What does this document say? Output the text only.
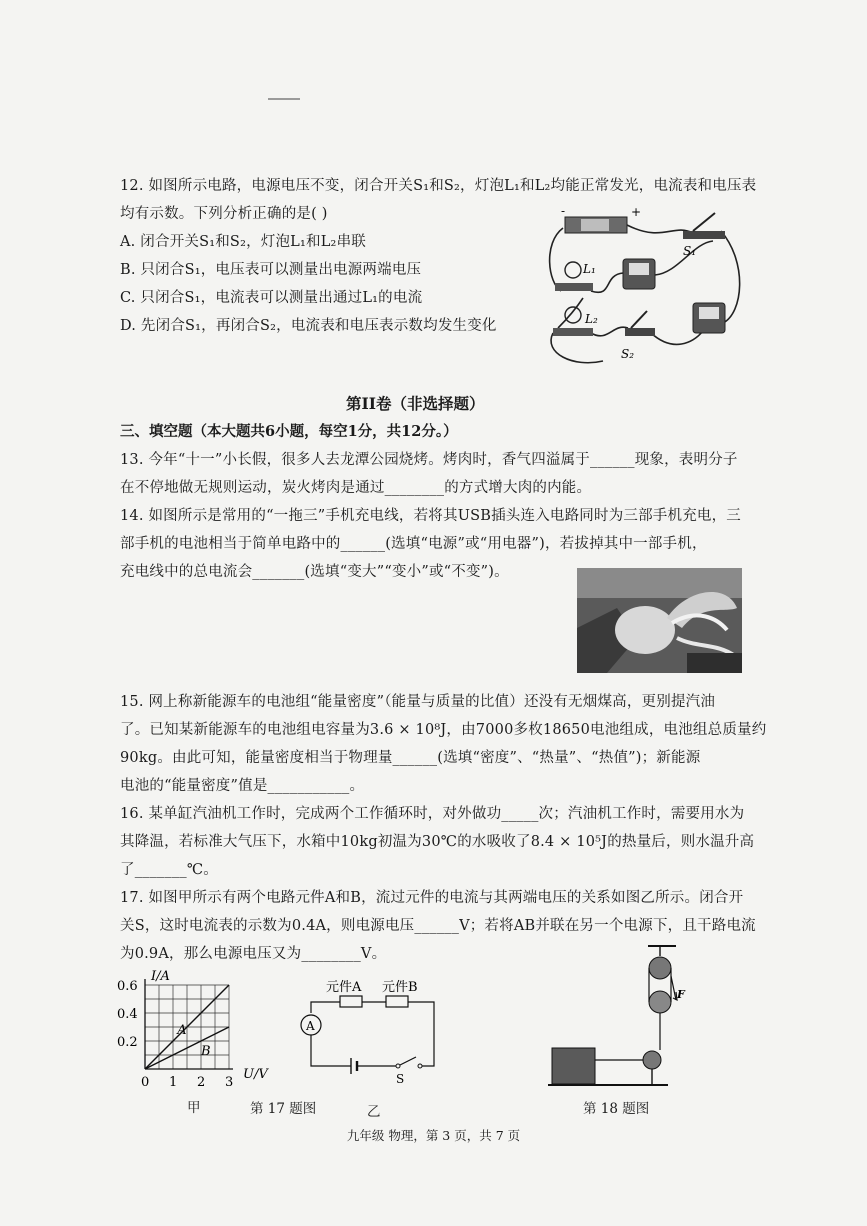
12. 如图所示电路，电源电压不变，闭合开关S₁和S₂，灯泡L₁和L₂均能正常发光，电流表和电压表
均有示数。下列分析正确的是( )
A. 闭合开关S₁和S₂，灯泡L₁和L₂串联
B. 只闭合S₁，电压表可以测量出电源两端电压
C. 只闭合S₁，电流表可以测量出通过L₁的电流
D. 先闭合S₁，再闭合S₂，电流表和电压表示数均发生变化
-	+
S₁
L₁
L₂
S₂
第II卷（非选择题）
三、填空题（本大题共6小题，每空1分，共12分。）
13. 今年“十一”小长假，很多人去龙潭公园烧烤。烤肉时，香气四溢属于______现象，表明分子
在不停地做无规则运动，炭火烤肉是通过________的方式增大肉的内能。
14. 如图所示是常用的“一拖三”手机充电线，若将其USB插头连入电路同时为三部手机充电，三
部手机的电池相当于简单电路中的______(选填“电源”或“用电器”)，若拔掉其中一部手机，
充电线中的总电流会_______(选填“变大”“变小”或“不变”)。
15. 网上称新能源车的电池组“能量密度”（能量与质量的比值）还没有无烟煤高，更别提汽油
了。已知某新能源车的电池组电容量为3.6 × 10⁸J，由7000多枚18650电池组成，电池组总质量约
90kg。由此可知，能量密度相当于物理量______(选填“密度”、“热量”、“热值”)；新能源
电池的“能量密度”值是___________。
16. 某单缸汽油机工作时，完成两个工作循环时，对外做功_____次；汽油机工作时，需要用水为
其降温，若标准大气压下，水箱中10kg初温为30℃的水吸收了8.4 × 10⁵J的热量后，则水温升高
了_______℃。
17. 如图甲所示有两个电路元件A和B，流过元件的电流与其两端电压的关系如图乙所示。闭合开
关S，这时电流表的示数为0.4A，则电源电压______V；若将AB并联在另一个电源下，且干路电流
为0.9A，那么电源电压又为________V。
A
B
0 1 2 3
0.2
0.4
0.6
I/A
U/V
甲	第 17 题图
元件A 元件B
A
S
乙
F
第 18 题图
九年级 物理，第 3 页，共 7 页
